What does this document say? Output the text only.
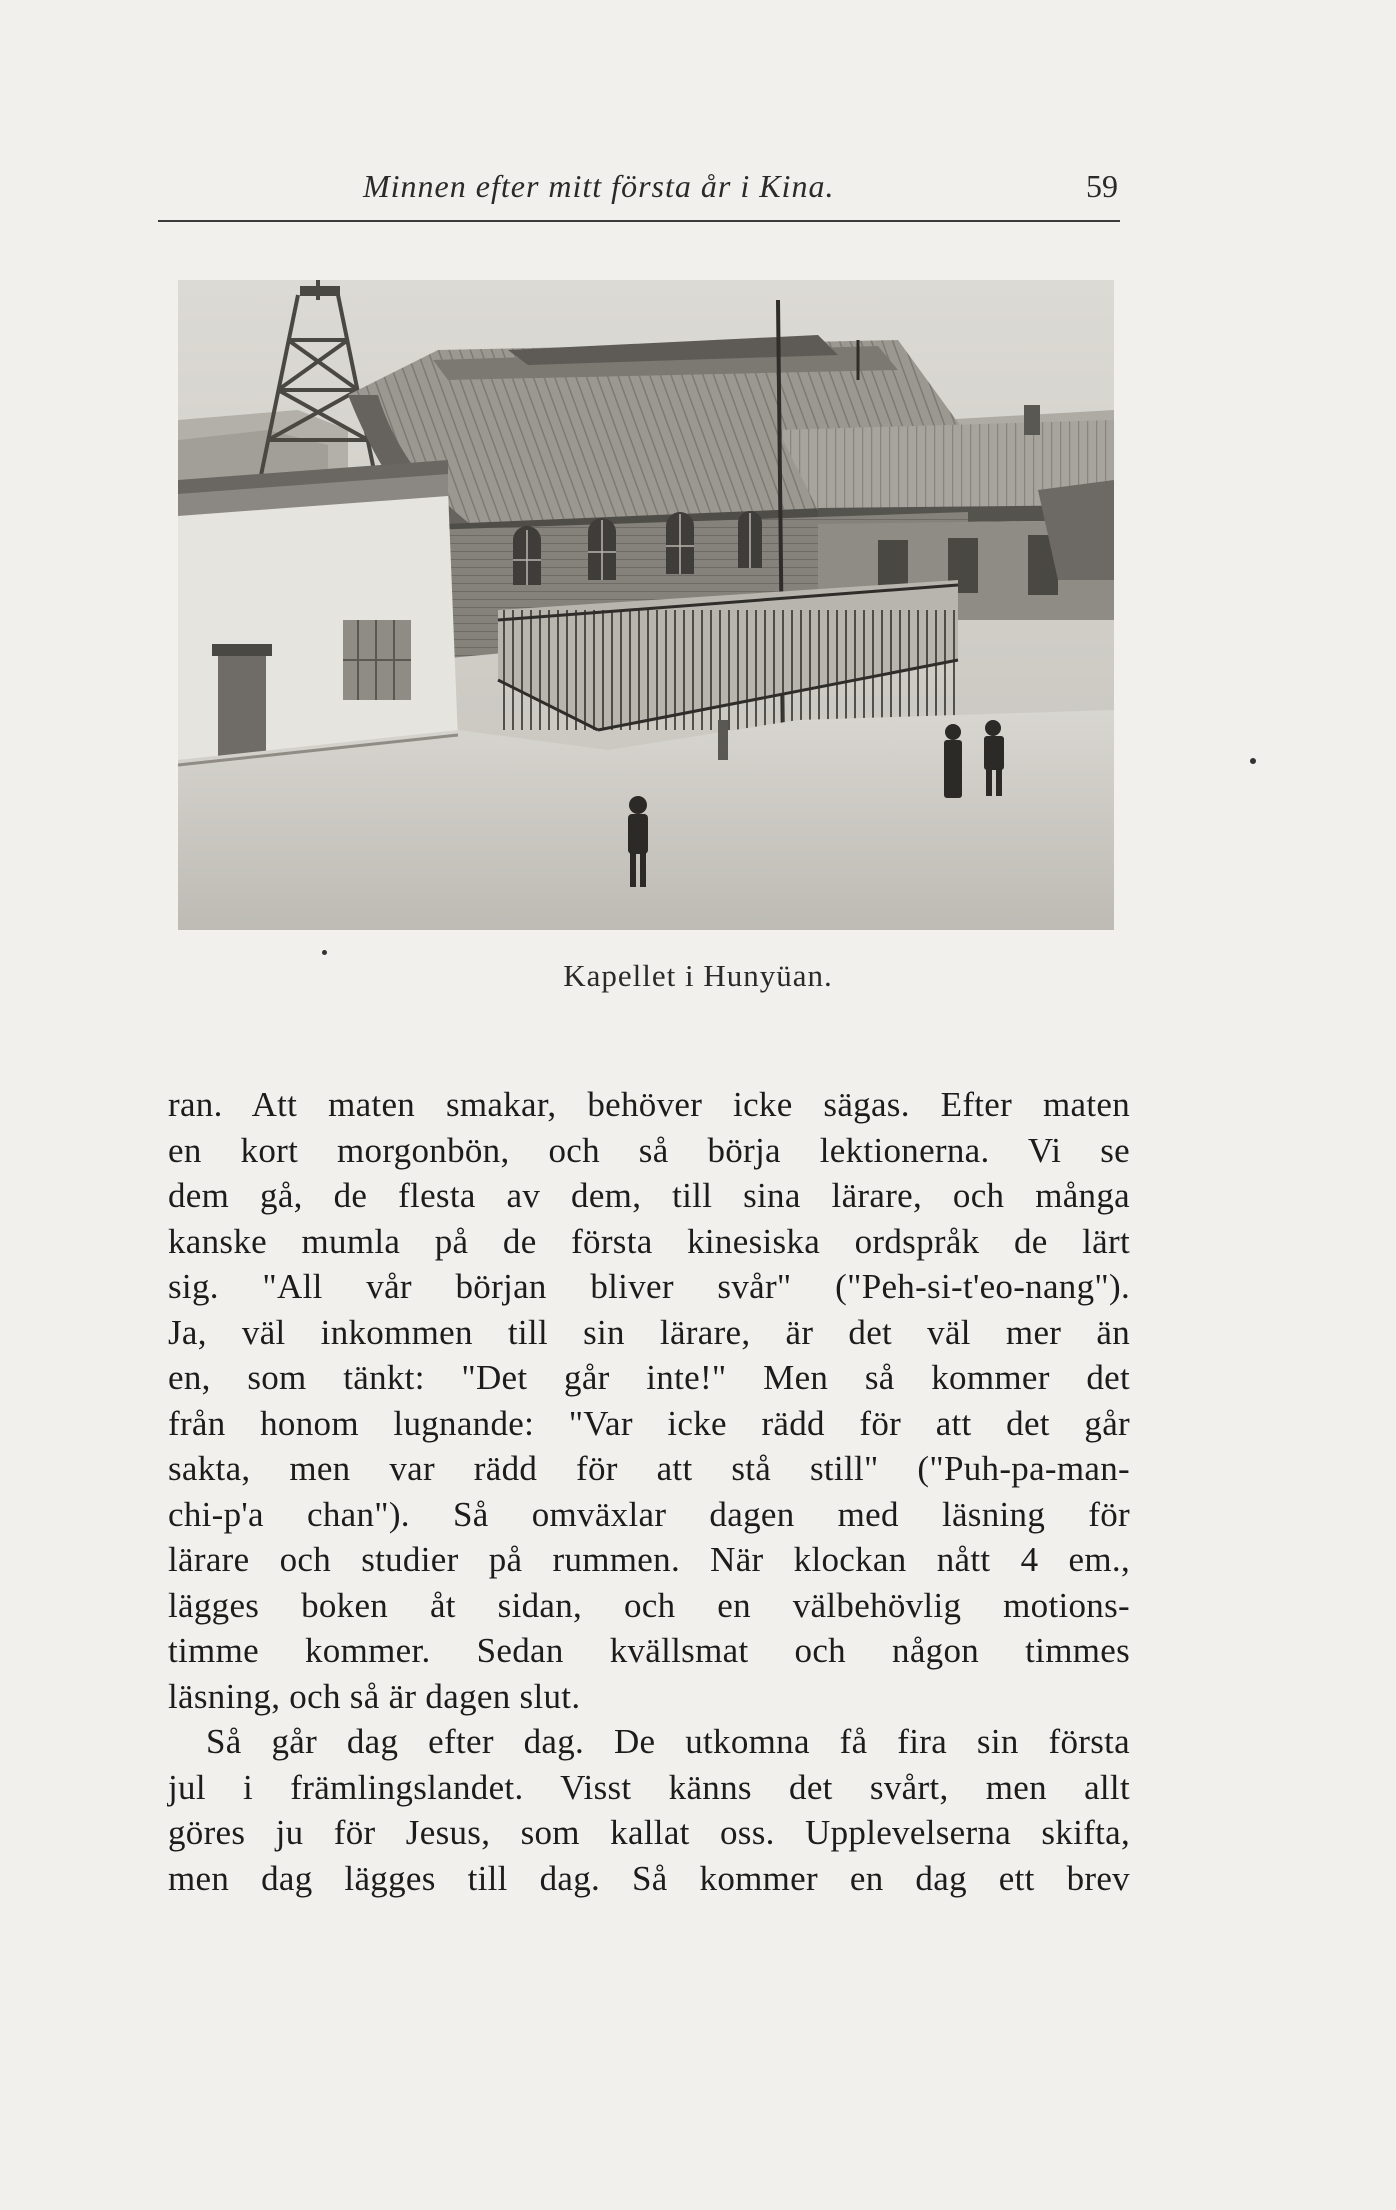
Minnen efter mitt första år i Kina.	59
Kapellet i Hunyüan.
ran. Att maten smakar, behöver icke sägas. Efter maten
en kort morgonbön, och så börja lektionerna. Vi se
dem gå, de flesta av dem, till sina lärare, och många
kanske mumla på de första kinesiska ordspråk de lärt
sig. "All vår början bliver svår" ("Peh-si-t'eo-nang").
Ja, väl inkommen till sin lärare, är det väl mer än
en, som tänkt: "Det går inte!" Men så kommer det
från honom lugnande: "Var icke rädd för att det går
sakta, men var rädd för att stå still" ("Puh-pa-man-
chi-p'a chan"). Så omväxlar dagen med läsning för
lärare och studier på rummen. När klockan nått 4 em.,
lägges boken åt sidan, och en välbehövlig motions-
timme kommer. Sedan kvällsmat och någon timmes
läsning, och så är dagen slut.
Så går dag efter dag. De utkomna få fira sin första
jul i främlingslandet. Visst känns det svårt, men allt
göres ju för Jesus, som kallat oss. Upplevelserna skifta,
men dag lägges till dag. Så kommer en dag ett brev
